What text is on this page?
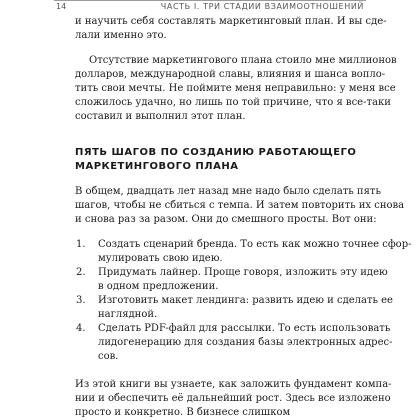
14	ЧАСТЬ I. ТРИ СТАДИИ ВЗАИМООТНОШЕНИЙ
и научить себя составлять маркетинговый план. И вы сде-
лали именно это.
Отсутствие маркетингового плана стоило мне миллионов
долларов, международной славы, влияния и шанса вопло-
тить свои мечты. Не поймите меня неправильно: у меня все
сложилось удачно, но лишь по той причине, что я все-таки
составил и выполнил этот план.
ПЯТЬ ШАГОВ ПО СОЗДАНИЮ РАБОТАЮЩЕГО
МАРКЕТИНГОВОГО ПЛАНА
В общем, двадцать лет назад мне надо было сделать пять
шагов, чтобы не сбиться с темпа. И затем повторить их снова
и снова раз за разом. Они до смешного просты. Вот они:
1. Создать сценарий бренда. То есть как можно точнее сфор-
мулировать свою идею.
2. Придумать лайнер. Проще говоря, изложить эту идею
в одном предложении.
3. Изготовить макет лендинга: развить идею и сделать ее
наглядной.
4. Сделать PDF-файл для рассылки. То есть использовать
лидогенерацию для создания базы электронных адрес-
сов.
Из этой книги вы узнаете, как заложить фундамент компа-
нии и обеспечить её дальнейший рост. Здесь все изложено
просто и конкретно. В бизнесе слишком
